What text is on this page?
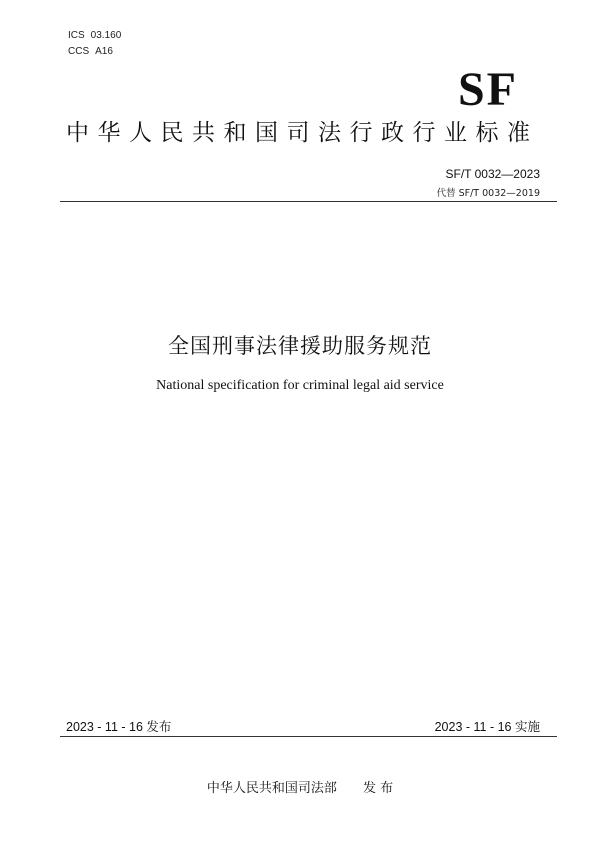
ICS 03.160
CCS A16
SF
中华人民共和国司法行政行业标准
SF/T 0032—2023
代替 SF/T 0032—2019
全国刑事法律援助服务规范
National specification for criminal legal aid service
2023 - 11 - 16 发布	2023 - 11 - 16 实施
中华人民共和国司法部 发 布
